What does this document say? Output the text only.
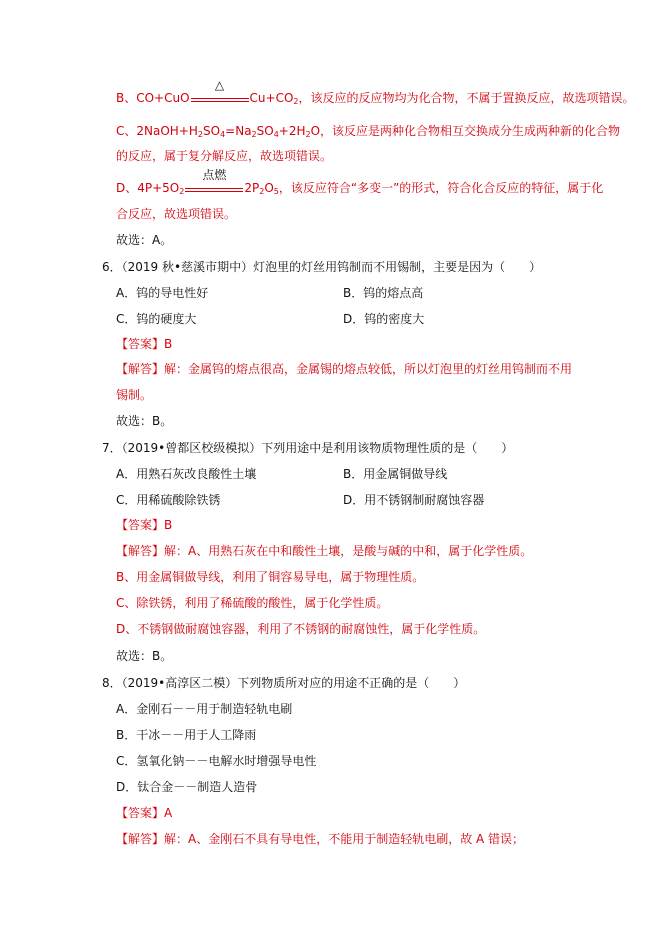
B、CO+CuO
△
$Cu+CO_2$，该反应的反应物均为化合物，不属于置换反应，故选项错误。
C、$2NaOH+H_2SO_4=Na_2SO_4+2H_2O$，该反应是两种化合物相互交换成分生成两种新的化合物
的反应，属于复分解反应，故选项错误。
D、$4P+5O_2$
点燃
$2P_2O_5$，该反应符合“多变一”的形式，符合化合反应的特征，属于化
合反应，故选项错误。
故选：A。
6．（2019 秋•慈溪市期中）灯泡里的灯丝用钨制而不用锡制，主要是因为（　　）
A．钨的导电性好	B．钨的熔点高
C．钨的硬度大	D．钨的密度大
【答案】B
【解答】解：金属钨的熔点很高，金属锡的熔点较低，所以灯泡里的灯丝用钨制而不用
锡制。
故选：B。
7．（2019•曾都区校级模拟）下列用途中是利用该物质物理性质的是（　　）
A．用熟石灰改良酸性土壤	B．用金属铜做导线
C．用稀硫酸除铁锈	D．用不锈钢制耐腐蚀容器
【答案】B
【解答】解：A、用熟石灰在中和酸性土壤，是酸与碱的中和，属于化学性质。
B、用金属铜做导线，利用了铜容易导电，属于物理性质。
C、除铁锈，利用了稀硫酸的酸性，属于化学性质。
D、不锈钢做耐腐蚀容器，利用了不锈钢的耐腐蚀性，属于化学性质。
故选：B。
8．（2019•高淳区二模）下列物质所对应的用途不正确的是（　　）
A．金刚石－－用于制造轻轨电刷
B．干冰－－用于人工降雨
C．氢氧化钠－－电解水时增强导电性
D．钛合金－－制造人造骨
【答案】A
【解答】解：A、金刚石不具有导电性，不能用于制造轻轨电刷，故 A 错误；
